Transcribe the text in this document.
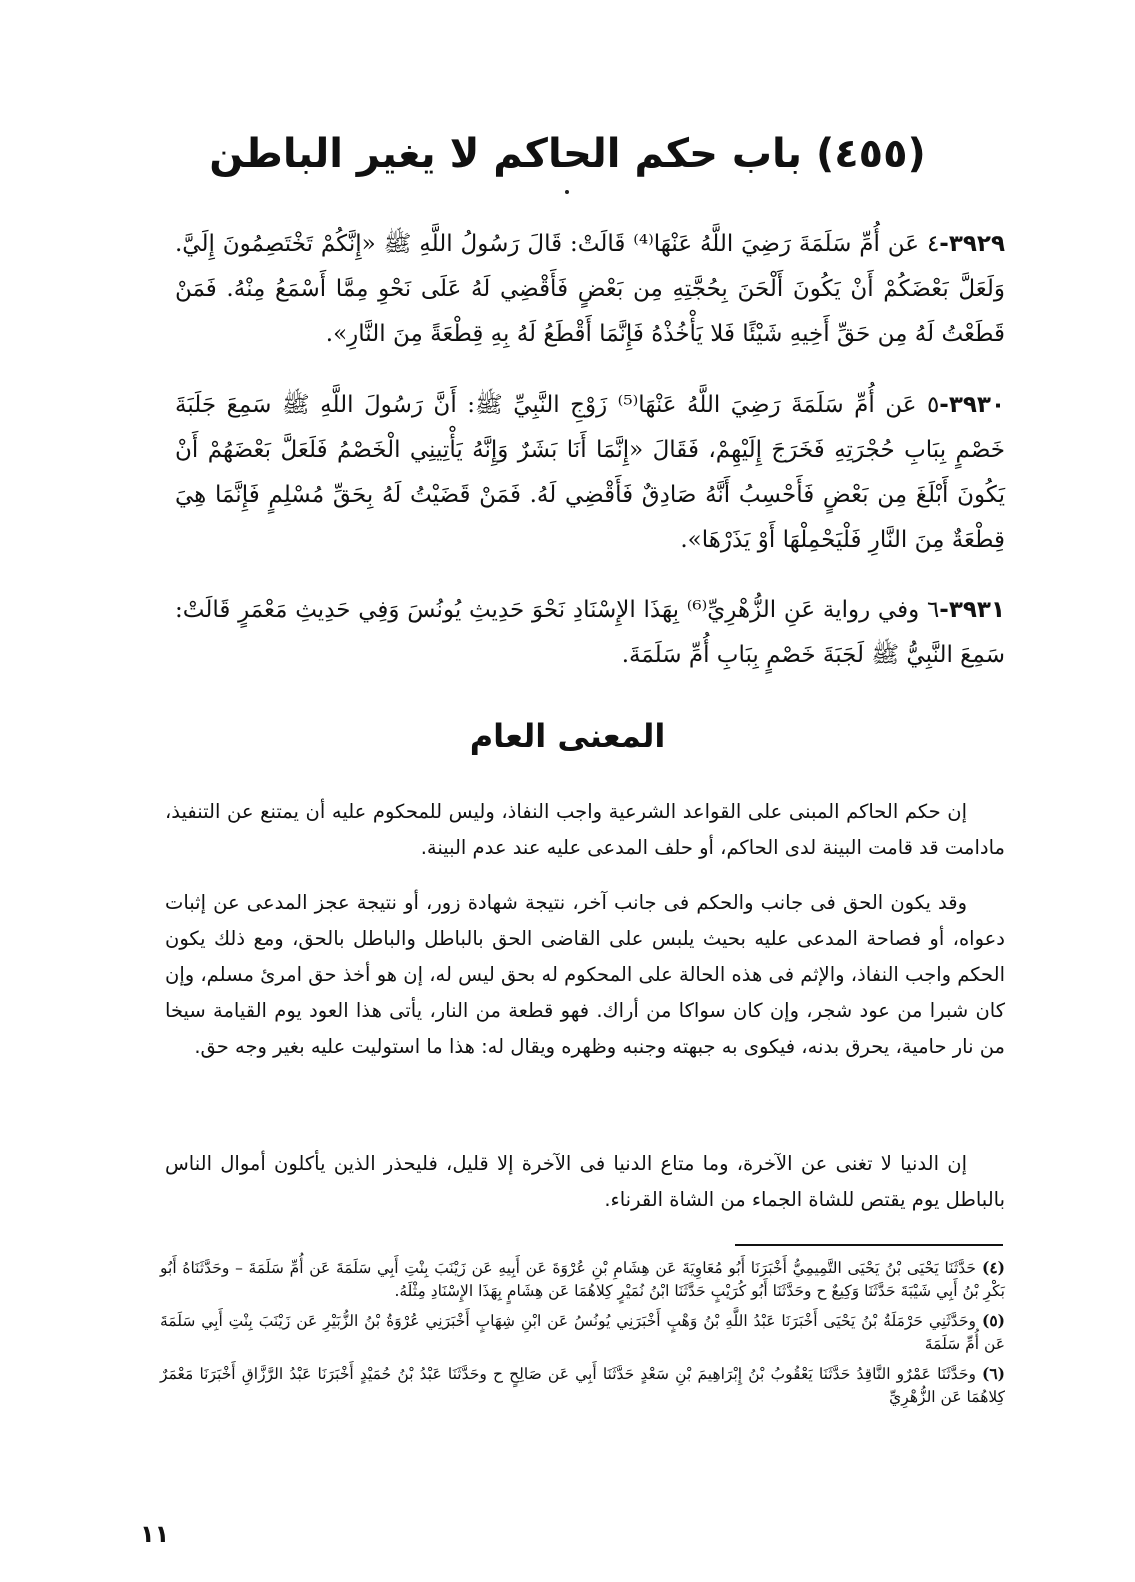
(٤٥٥) باب حكم الحاكم لا يغير الباطن

٣٩٢٩-٤ عَن أُمِّ سَلَمَةَ رَضِيَ اللَّهُ عَنْهَا⁽⁴⁾ قَالَتْ: قَالَ رَسُولُ اللَّهِ ﷺ «إِنَّكُمْ تَخْتَصِمُونَ إِلَيَّ. وَلَعَلَّ بَعْضَكُمْ أَنْ يَكُونَ أَلْحَنَ بِحُجَّتِهِ مِن بَعْضٍ فَأَقْضِي لَهُ عَلَى نَحْوِ مِمَّا أَسْمَعُ مِنْهُ. فَمَنْ قَطَعْتُ لَهُ مِن حَقِّ أَخِيهِ شَيْئًا فَلا يَأْخُذْهُ فَإِنَّمَا أَقْطَعُ لَهُ بِهِ قِطْعَةً مِنَ النَّارِ».

٣٩٣٠-٥ عَن أُمِّ سَلَمَةَ رَضِيَ اللَّهُ عَنْهَا⁽⁵⁾ زَوْجِ النَّبِيِّ ﷺ: أَنَّ رَسُولَ اللَّهِ ﷺ سَمِعَ جَلَبَةَ خَصْمٍ بِبَابِ حُجْرَتِهِ فَخَرَجَ إِلَيْهِمْ، فَقَالَ «إِنَّمَا أَنَا بَشَرٌ وَإِنَّهُ يَأْتِينِي الْخَصْمُ فَلَعَلَّ بَعْضَهُمْ أَنْ يَكُونَ أَبْلَغَ مِن بَعْضٍ فَأَحْسِبُ أَنَّهُ صَادِقٌ فَأَقْضِي لَهُ. فَمَنْ قَضَيْتُ لَهُ بِحَقِّ مُسْلِمٍ فَإِنَّمَا هِيَ قِطْعَةٌ مِنَ النَّارِ فَلْيَحْمِلْهَا أَوْ يَذَرْهَا».

٣٩٣١-٦ وفي رواية عَنِ الزُّهْرِيِّ⁽⁶⁾ بِهَذَا الإِسْنَادِ نَحْوَ حَدِيثِ يُونُسَ وَفِي حَدِيثِ مَعْمَرٍ قَالَتْ: سَمِعَ النَّبِيُّ ﷺ لَجَبَةَ خَصْمٍ بِبَابِ أُمِّ سَلَمَةَ.

المعنى العام

إن حكم الحاكم المبنى على القواعد الشرعية واجب النفاذ، وليس للمحكوم عليه أن يمتنع عن التنفيذ، مادامت قد قامت البينة لدى الحاكم، أو حلف المدعى عليه عند عدم البينة.

وقد يكون الحق فى جانب والحكم فى جانب آخر، نتيجة شهادة زور، أو نتيجة عجز المدعى عن إثبات دعواه، أو فصاحة المدعى عليه بحيث يلبس على القاضى الحق بالباطل والباطل بالحق، ومع ذلك يكون الحكم واجب النفاذ، والإثم فى هذه الحالة على المحكوم له بحق ليس له، إن هو أخذ حق امرئ مسلم، وإن كان شبرا من عود شجر، وإن كان سواكا من أراك. فهو قطعة من النار، يأتى هذا العود يوم القيامة سيخا من نار حامية، يحرق بدنه، فيكوى به جبهته وجنبه وظهره ويقال له: هذا ما استوليت عليه بغير وجه حق.

إن الدنيا لا تغنى عن الآخرة، وما متاع الدنيا فى الآخرة إلا قليل، فليحذر الذين يأكلون أموال الناس بالباطل يوم يقتص للشاة الجماء من الشاة القرناء.

(٤)حَدَّثَنَا يَحْيَى بْنُ يَحْيَى التَّمِيمِيُّ أَخْبَرَنَا أَبُو مُعَاوِيَةَ عَن هِشَامِ بْنِ عُرْوَةَ عَن أَبِيهِ عَن زَيْنَبَ بِنْتِ أَبِي سَلَمَةَ عَن أُمِّ سَلَمَةَ – وحَدَّثَنَاهُ أَبُو بَكْرِ بْنُ أَبِي شَيْبَةَ حَدَّثَنَا وَكِيعٌ ح وحَدَّثَنَا أَبُو كُرَيْبٍ حَدَّثَنَا ابْنُ نُمَيْرٍ كِلاهُمَا عَن هِشَامٍ بِهَذَا الإِسْنَادِ مِثْلَهُ.
(٥)وحَدَّثَنِي حَرْمَلَةُ بْنُ يَحْيَى أَخْبَرَنَا عَبْدُ اللَّهِ بْنُ وَهْبٍ أَخْبَرَنِي يُونُسُ عَن ابْنِ شِهَابٍ أَخْبَرَنِي عُرْوَةُ بْنُ الزُّبَيْرِ عَن زَيْنَبَ بِنْتِ أَبِي سَلَمَةَ عَن أُمِّ سَلَمَةَ
(٦)وحَدَّثَنَا عَمْرٌو النَّاقِدُ حَدَّثَنَا يَعْقُوبُ بْنُ إِبْرَاهِيمَ بْنِ سَعْدٍ حَدَّثَنَا أَبِي عَن صَالِحٍ ح وحَدَّثَنَا عَبْدُ بْنُ حُمَيْدٍ أَخْبَرَنَا عَبْدُ الرَّزَّاقِ أَخْبَرَنَا مَعْمَرٌ كِلاهُمَا عَن الزُّهْرِيِّ
١١
